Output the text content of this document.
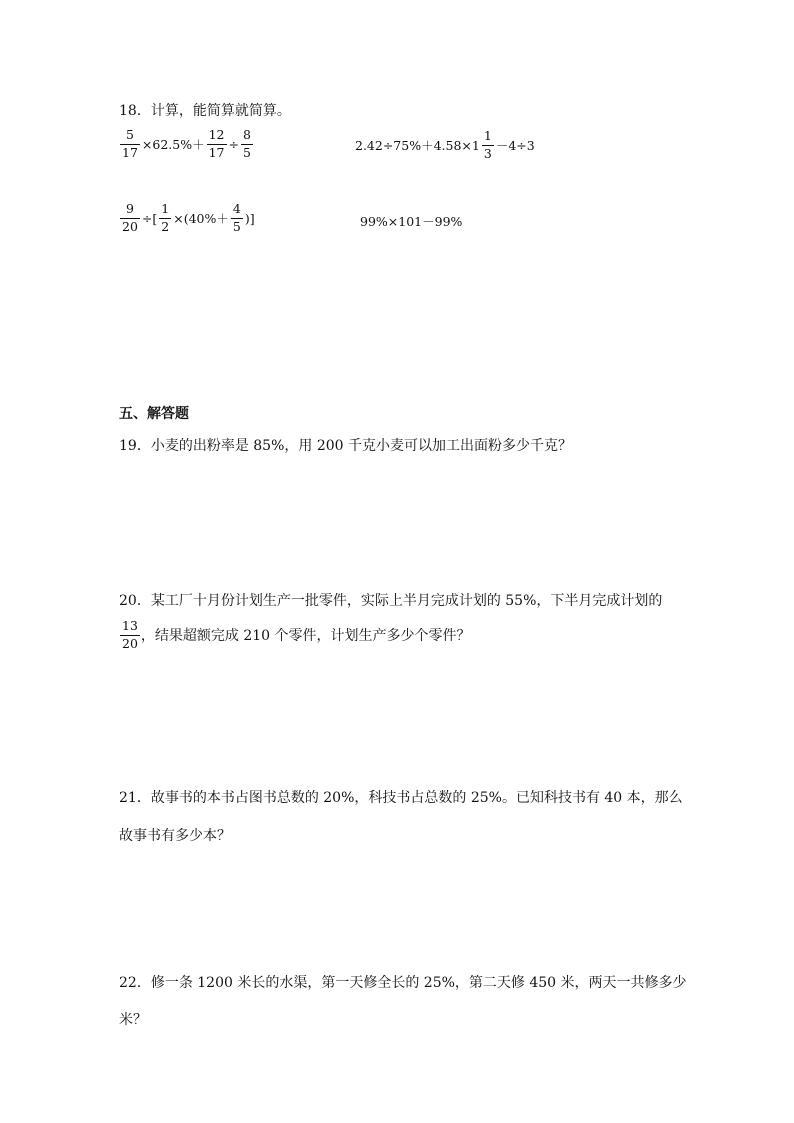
18．计算，能简算就简算。
$\frac{5}{17} \times 62.5\%+ \frac{12}{17} \div \frac{8}{5}$	$2.42\div 75\%+4.58\times 1 \frac{1}{3} -4\div 3$
$\frac{9}{20}$ ÷[ $\frac{1}{2} \times(40\%+ \frac{4}{5}$ )]	99%×101－99%
五、解答题
19．小麦的出粉率是 85%，用 200 千克小麦可以加工出面粉多少千克？
20．某工厂十月份计划生产一批零件，实际上半月完成计划的 55%，下半月完成计划的
$\frac{13}{20}$ ，结果超额完成 210 个零件，计划生产多少个零件？
21．故事书的本书占图书总数的 20%，科技书占总数的 25%。已知科技书有 40 本，那么
故事书有多少本？
22．修一条 1200 米长的水渠，第一天修全长的 25%，第二天修 450 米，两天一共修多少
米？
